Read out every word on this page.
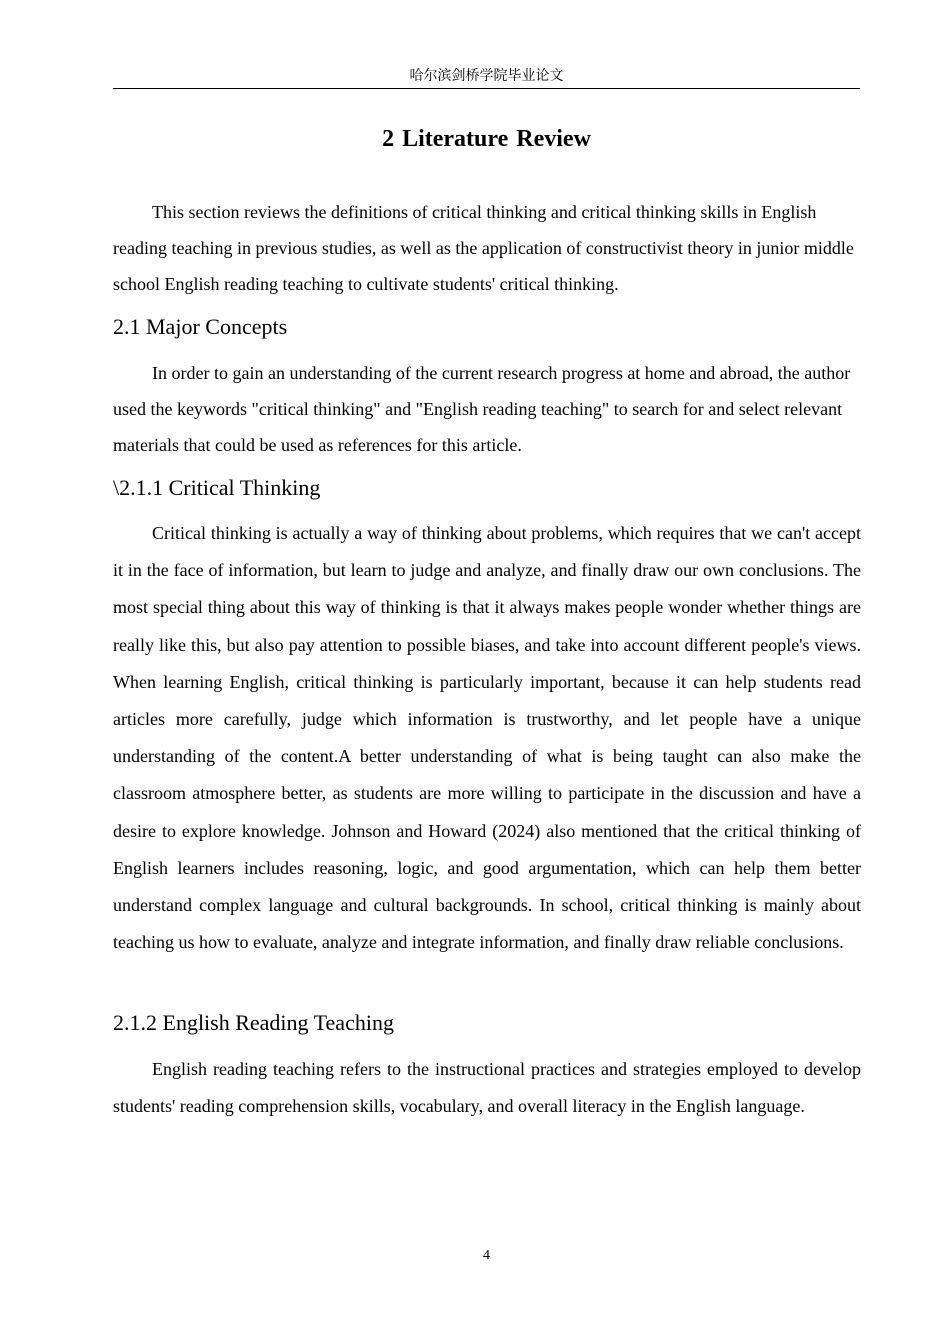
哈尔滨剑桥学院毕业论文
2 Literature Review

This section reviews the definitions of critical thinking and critical thinking skills in English reading teaching in previous studies, as well as the application of constructivist theory in junior middle school English reading teaching to cultivate students' critical thinking.

2.1 Major Concepts

In order to gain an understanding of the current research progress at home and abroad, the author used the keywords "critical thinking" and "English reading teaching" to search for and select relevant materials that could be used as references for this article.

\2.1.1 Critical Thinking

Critical thinking is actually a way of thinking about problems, which requires that we can't accept it in the face of information, but learn to judge and analyze, and finally draw our own conclusions. The most special thing about this way of thinking is that it always makes people wonder whether things are really like this, but also pay attention to possible biases, and take into account different people's views. When learning English, critical thinking is particularly important, because it can help students read articles more carefully, judge which information is trustworthy, and let people have a unique understanding of the content.A better understanding of what is being taught can also make the classroom atmosphere better, as students are more willing to participate in the discussion and have a desire to explore knowledge. Johnson and Howard (2024) also mentioned that the critical thinking of English learners includes reasoning, logic, and good argumentation, which can help them better understand complex language and cultural backgrounds. In school, critical thinking is mainly about teaching us how to evaluate, analyze and integrate information, and finally draw reliable conclusions.

2.1.2 English Reading Teaching

English reading teaching refers to the instructional practices and strategies employed to develop students' reading comprehension skills, vocabulary, and overall literacy in the English language.

4
